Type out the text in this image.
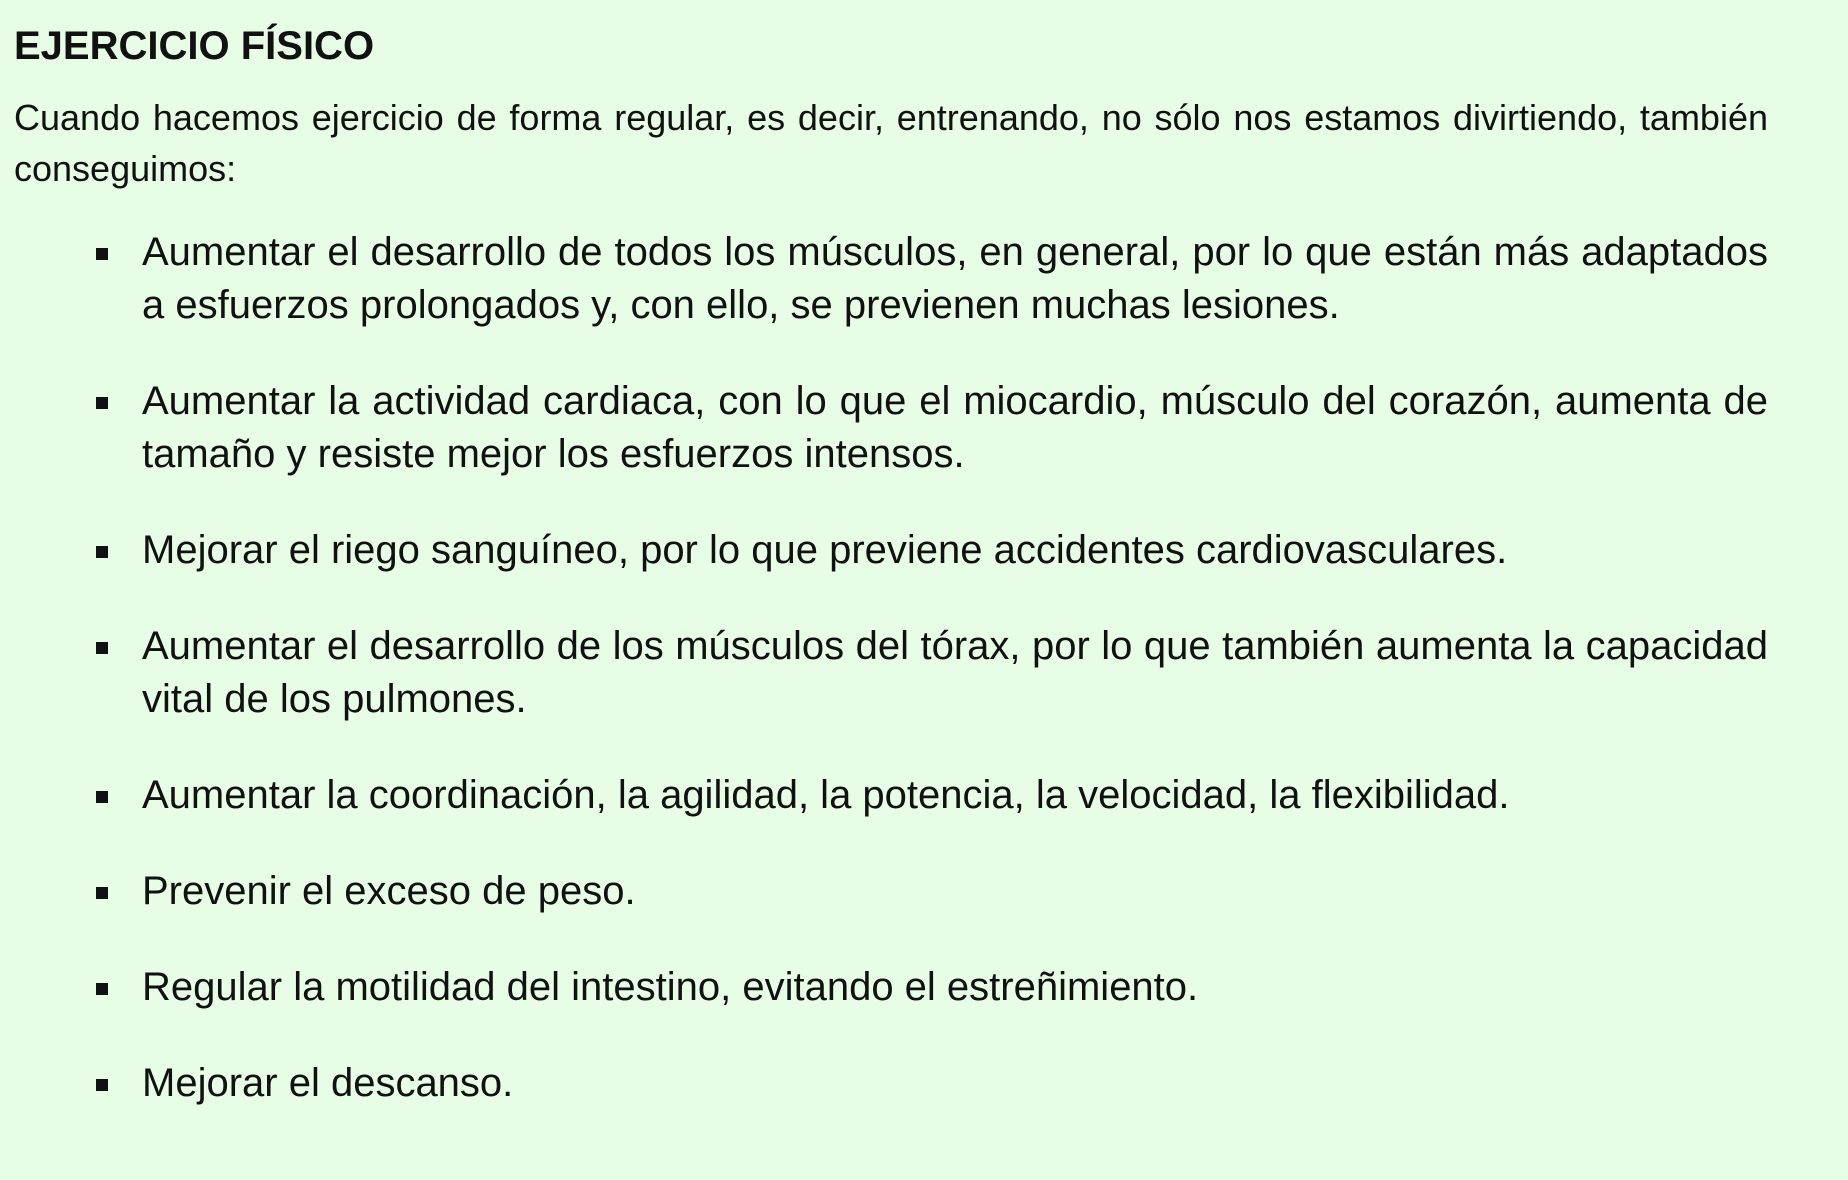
EJERCICIO FÍSICO

Cuando hacemos ejercicio de forma regular, es decir, entrenando, no sólo nos estamos divirtiendo, también conseguimos:

Aumentar el desarrollo de todos los músculos, en general, por lo que están más adaptados a esfuerzos prolongados y, con ello, se previenen muchas lesiones.
Aumentar la actividad cardiaca, con lo que el miocardio, músculo del corazón, aumenta de tamaño y resiste mejor los esfuerzos intensos.
Mejorar el riego sanguíneo, por lo que previene accidentes cardiovasculares.
Aumentar el desarrollo de los músculos del tórax, por lo que también aumenta la capacidad vital de los pulmones.
Aumentar la coordinación, la agilidad, la potencia, la velocidad, la flexibilidad.
Prevenir el exceso de peso.
Regular la motilidad del intestino, evitando el estreñimiento.
Mejorar el descanso.
